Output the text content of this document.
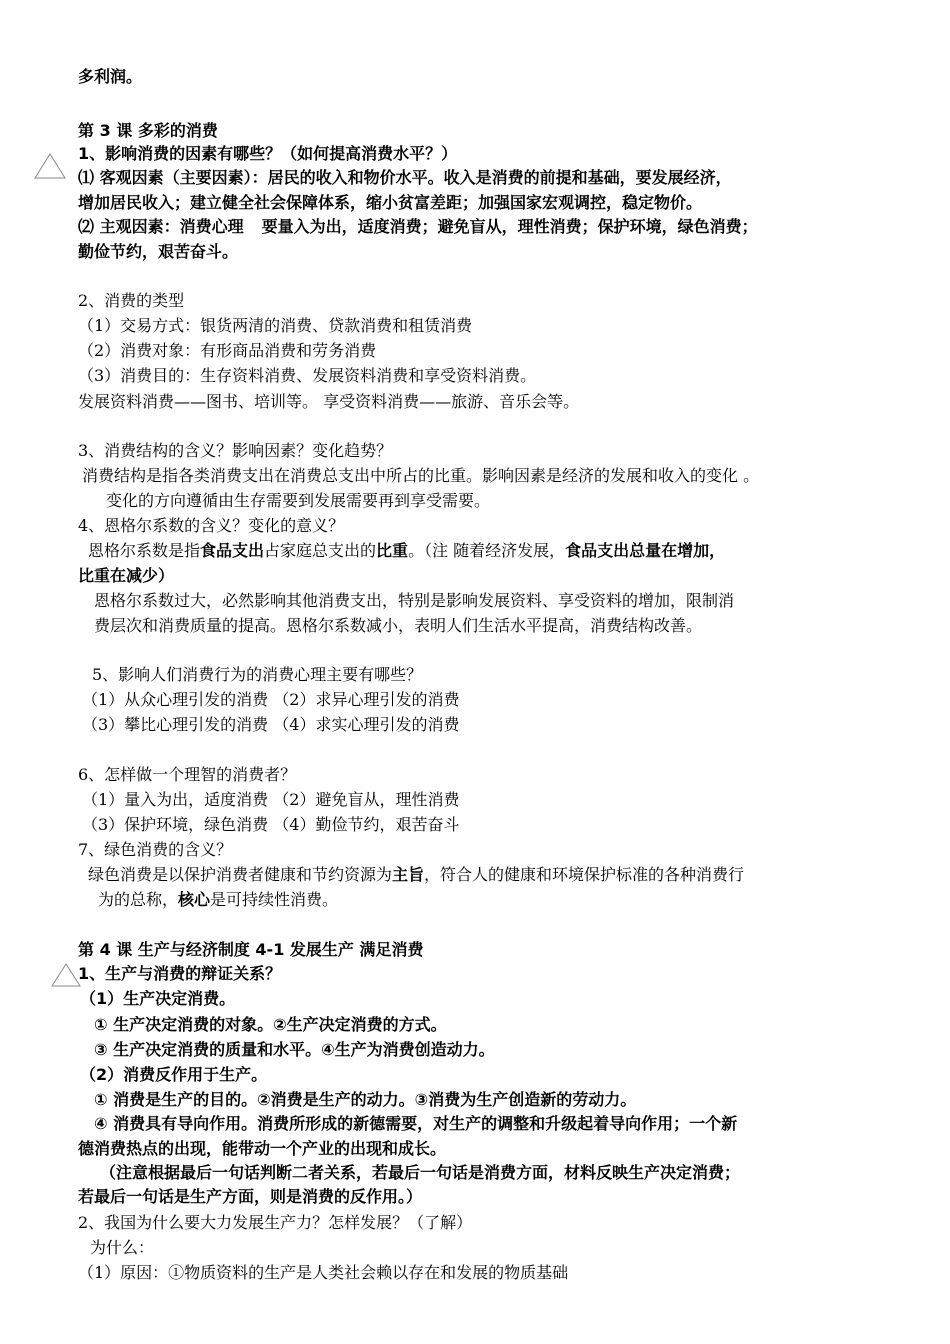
多利润。
第 3 课 多彩的消费
1、影响消费的因素有哪些？（如何提高消费水平？）
⑴ 客观因素（主要因素）：居民的收入和物价水平。收入是消费的前提和基础，要发展经济，
增加居民收入；建立健全社会保障体系，缩小贫富差距；加强国家宏观调控，稳定物价。
⑵ 主观因素：消费心理 要量入为出，适度消费；避免盲从，理性消费；保护环境，绿色消费；
勤俭节约，艰苦奋斗。
2、消费的类型
（1）交易方式：银货两清的消费、贷款消费和租赁消费
（2）消费对象：有形商品消费和劳务消费
（3）消费目的：生存资料消费、发展资料消费和享受资料消费。
发展资料消费——图书、培训等。 享受资料消费——旅游、音乐会等。
3、消费结构的含义？影响因素？变化趋势？
消费结构是指各类消费支出在消费总支出中所占的比重。影响因素是经济的发展和收入的变化 。
变化的方向遵循由生存需要到发展需要再到享受需要。
4、恩格尔系数的含义？变化的意义？
恩格尔系数是指食品支出占家庭总支出的比重。（注 随着经济发展，食品支出总量在增加，
比重在减少）
恩格尔系数过大，必然影响其他消费支出，特别是影响发展资料、享受资料的增加，限制消
费层次和消费质量的提高。恩格尔系数减小，表明人们生活水平提高，消费结构改善。
5、影响人们消费行为的消费心理主要有哪些？
（1）从众心理引发的消费 （2）求异心理引发的消费
（3）攀比心理引发的消费 （4）求实心理引发的消费
6、怎样做一个理智的消费者？
（1）量入为出，适度消费 （2）避免盲从，理性消费
（3）保护环境，绿色消费 （4）勤俭节约，艰苦奋斗
7、绿色消费的含义？
绿色消费是以保护消费者健康和节约资源为主旨，符合人的健康和环境保护标准的各种消费行
为的总称，核心是可持续性消费。
第 4 课 生产与经济制度 4-1 发展生产 满足消费
1、生产与消费的辩证关系？
（1）生产决定消费。
① 生产决定消费的对象。②生产决定消费的方式。
③ 生产决定消费的质量和水平。④生产为消费创造动力。
（2）消费反作用于生产。
① 消费是生产的目的。②消费是生产的动力。③消费为生产创造新的劳动力。
④ 消费具有导向作用。消费所形成的新德需要，对生产的调整和升级起着导向作用；一个新
德消费热点的出现，能带动一个产业的出现和成长。
（注意根据最后一句话判断二者关系，若最后一句话是消费方面，材料反映生产决定消费；
若最后一句话是生产方面，则是消费的反作用。）
2、我国为什么要大力发展生产力？怎样发展？（了解）
为什么：
（1）原因：①物质资料的生产是人类社会赖以存在和发展的物质基础
